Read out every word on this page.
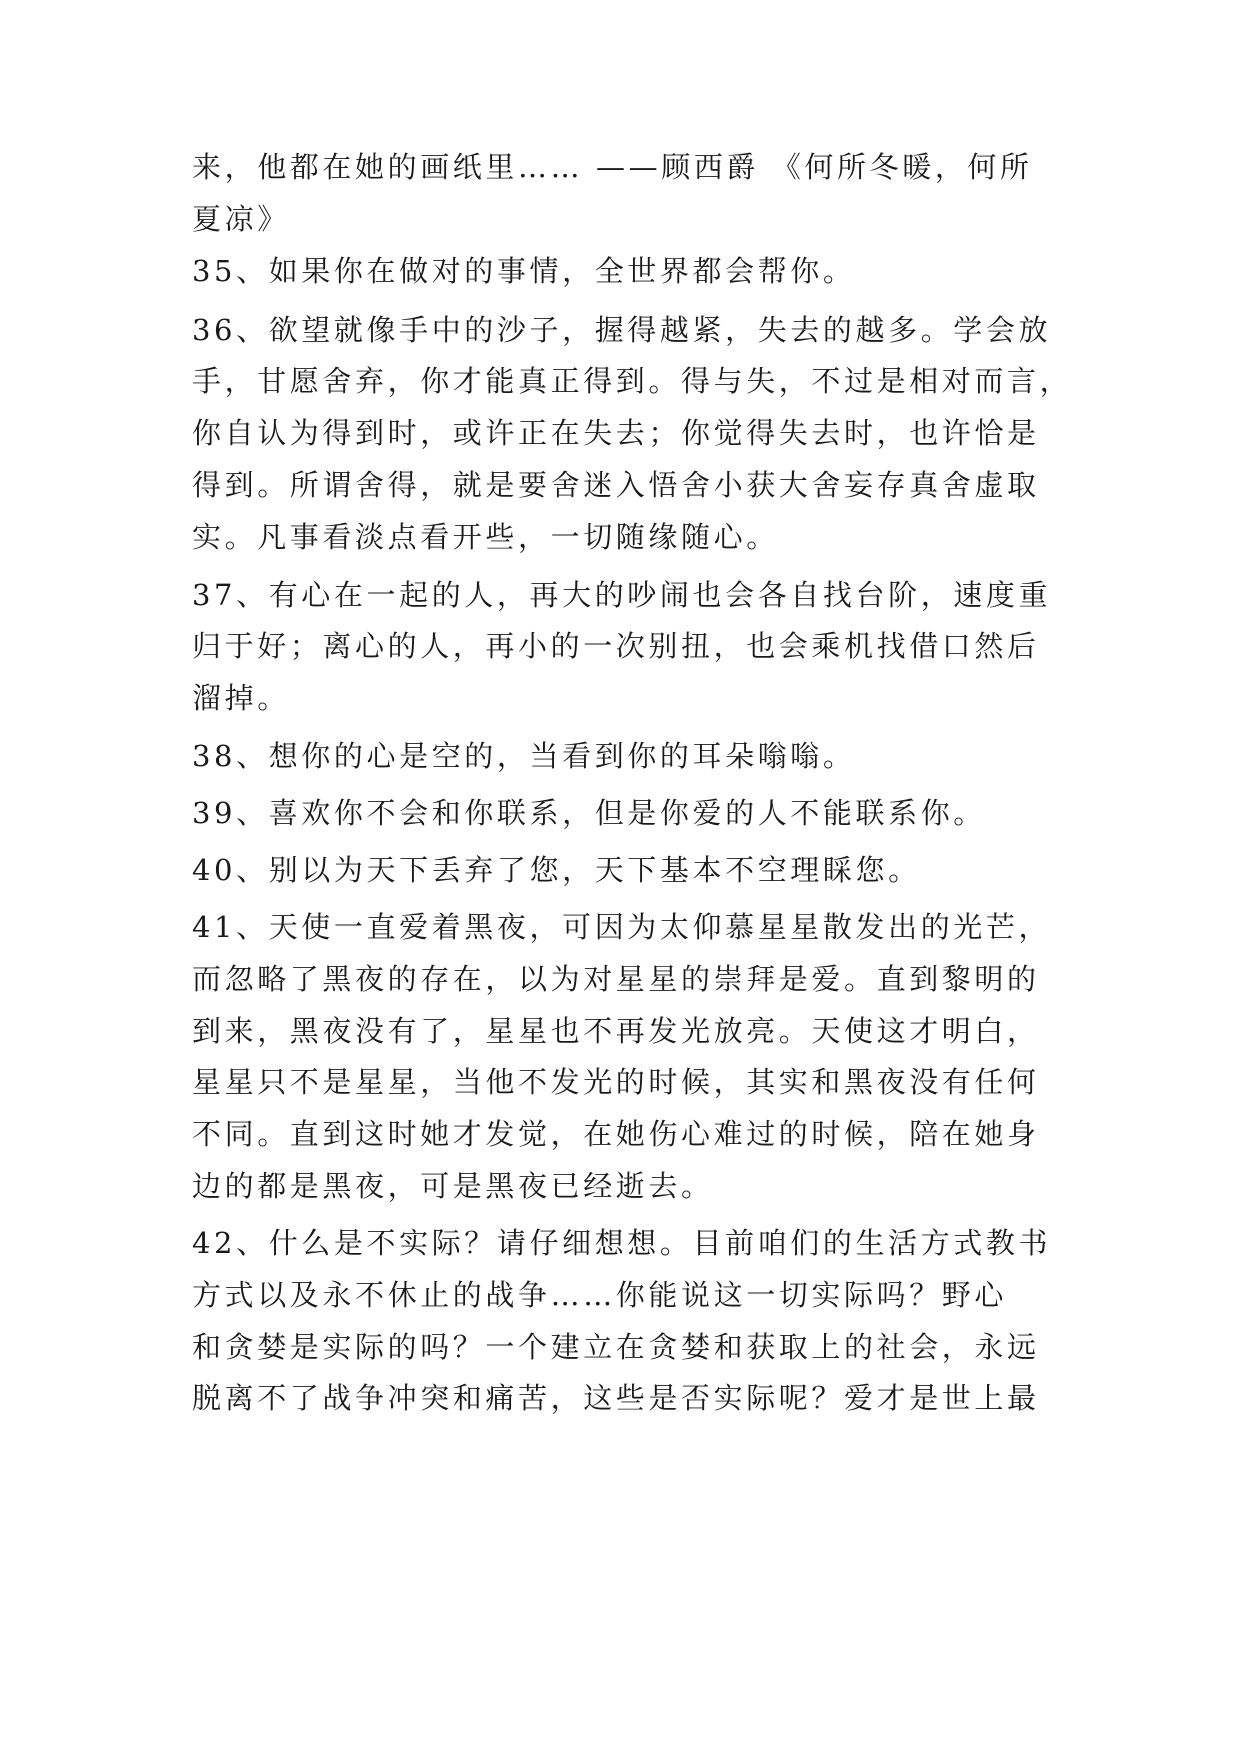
来，他都在她的画纸里…… ——顾西爵 《何所冬暖，何所

夏凉》

35、如果你在做对的事情，全世界都会帮你。

36、欲望就像手中的沙子，握得越紧，失去的越多。学会放

手，甘愿舍弃，你才能真正得到。得与失，不过是相对而言，

你自认为得到时，或许正在失去；你觉得失去时，也许恰是

得到。所谓舍得，就是要舍迷入悟舍小获大舍妄存真舍虚取

实。凡事看淡点看开些，一切随缘随心。

37、有心在一起的人，再大的吵闹也会各自找台阶，速度重

归于好；离心的人，再小的一次别扭，也会乘机找借口然后

溜掉。

38、想你的心是空的，当看到你的耳朵嗡嗡。

39、喜欢你不会和你联系，但是你爱的人不能联系你。

40、别以为天下丢弃了您，天下基本不空理睬您。

41、天使一直爱着黑夜，可因为太仰慕星星散发出的光芒，

而忽略了黑夜的存在，以为对星星的崇拜是爱。直到黎明的

到来，黑夜没有了，星星也不再发光放亮。天使这才明白，

星星只不是星星，当他不发光的时候，其实和黑夜没有任何

不同。直到这时她才发觉，在她伤心难过的时候，陪在她身

边的都是黑夜，可是黑夜已经逝去。

42、什么是不实际？请仔细想想。目前咱们的生活方式教书

方式以及永不休止的战争……你能说这一切实际吗？野心

和贪婪是实际的吗？一个建立在贪婪和获取上的社会，永远

脱离不了战争冲突和痛苦，这些是否实际呢？爱才是世上最
